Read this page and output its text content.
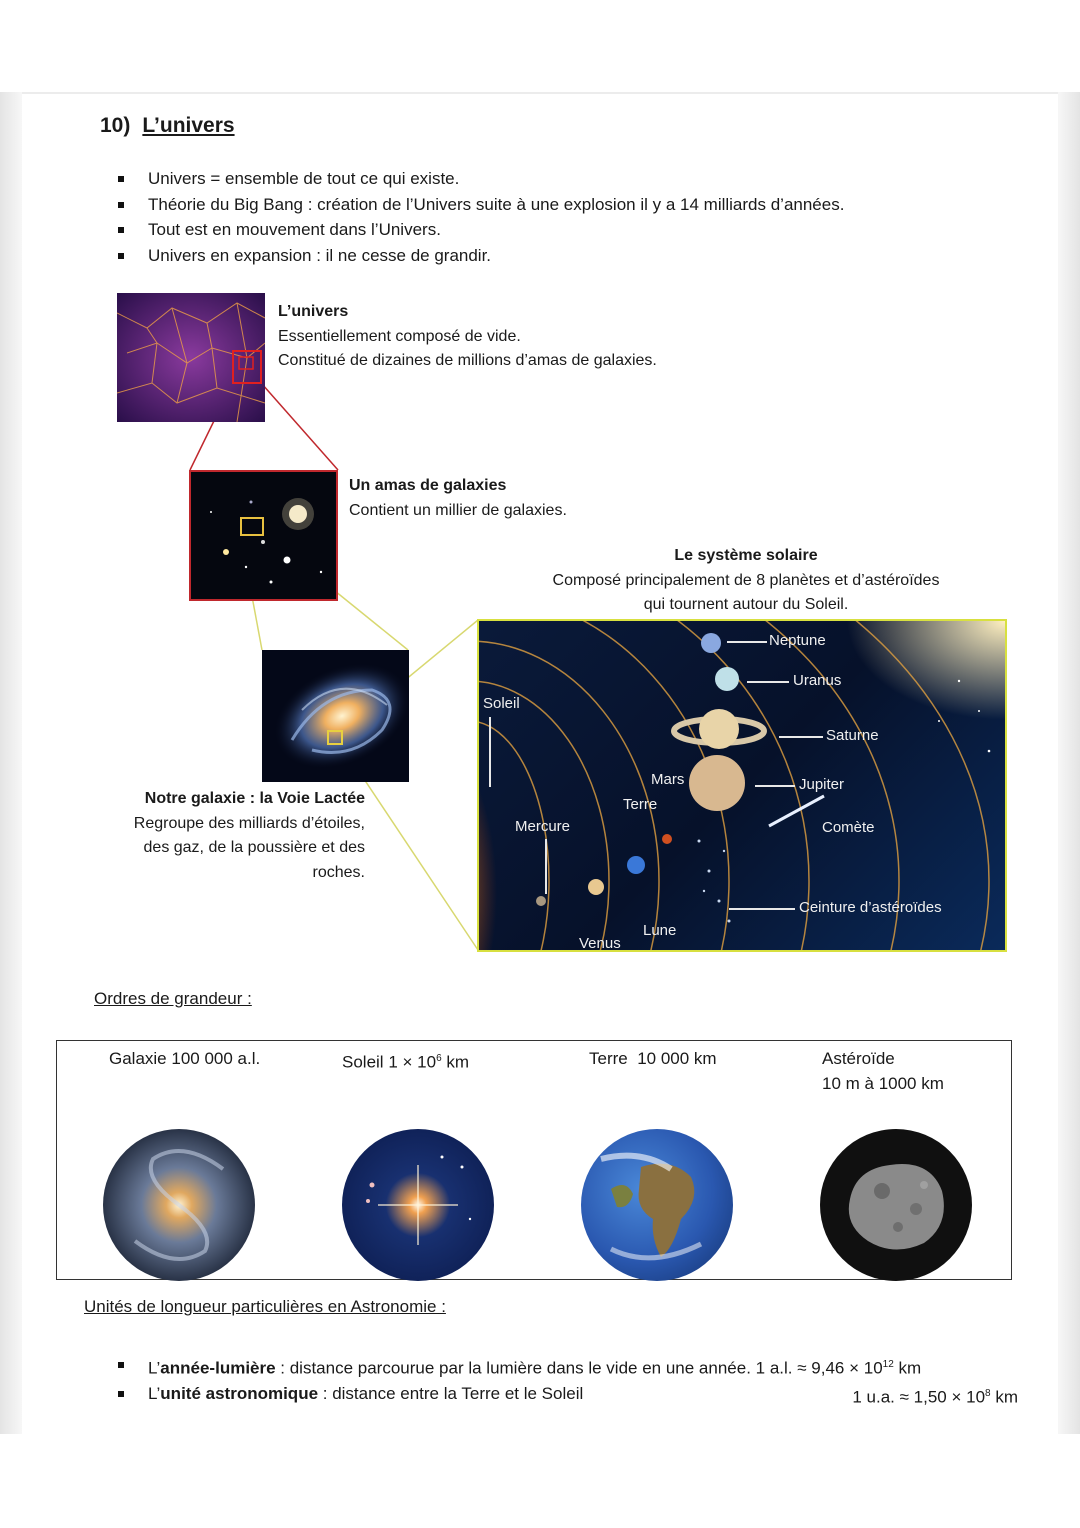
10) L’univers
Univers = ensemble de tout ce qui existe.
Théorie du Big Bang : création de l’Univers suite à une explosion il y a 14 milliards d’années.
Tout est en mouvement dans l’Univers.
Univers en expansion : il ne cesse de grandir.
L’univers
Essentiellement composé de vide.
Constitué de dizaines de millions d’amas de galaxies.
Un amas de galaxies
Contient un millier de galaxies.
Notre galaxie : la Voie Lactée
Regroupe des milliards d’étoiles,
des gaz, de la poussière et des roches.
Le système solaire
Composé principalement de 8 planètes et d’astéroïdes
qui tournent autour du Soleil.
Neptune
Uranus
Saturne
Jupiter
Comète
Ceinture d’astéroïdes
Soleil
Mars
Terre
Mercure
Lune
Venus
Ordres de grandeur :
Galaxie 100 000 a.l.	Soleil $1 \times 10^6$ km	Terre 10 000 km	Astéroïde
10 m à 1000 km
Unités de longueur particulières en Astronomie :
L’année-lumière : distance parcourue par la lumière dans le vide en une année. 1 a.l. ≈ $9,46 \times 10^{12}$ km
L’unité astronomique : distance entre la Terre et le Soleil	1 u.a. ≈ $1,50 \times 10^8$ km
